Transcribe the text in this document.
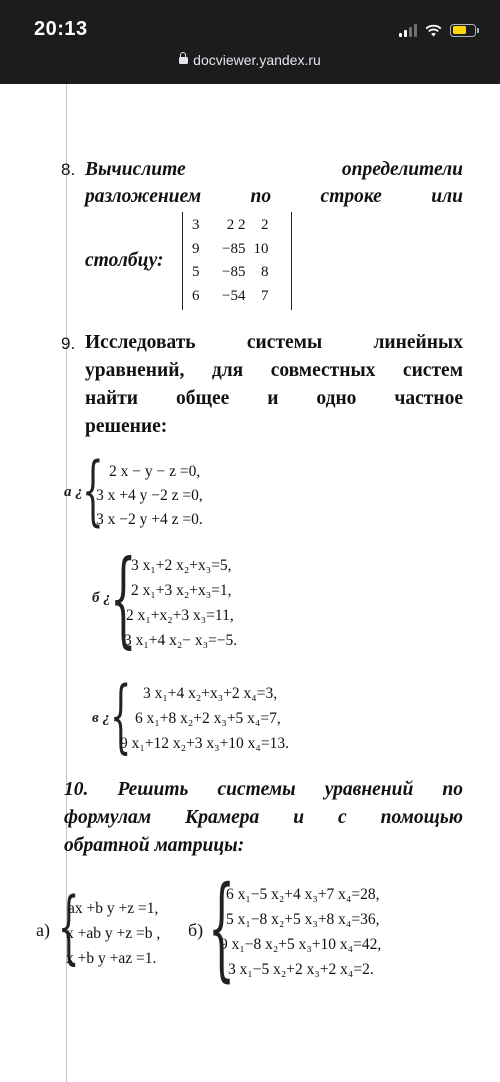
20:13
docviewer.yandex.ru
8. Вычислите	определители
разложением	по	строке	или
столбцу:
3	2 2	2
9	−85	10
5	−85	8
6	−54	7
9. Исследовать	системы	линейных
уравнений, для совместных систем
найти общее и одно частное
решение:
а ¿ { 2 x − y − z =0,
3 x +4 y −2 z =0,
3 x −2 y +4 z =0.
б ¿ {
3 x₁+2 x₂+x₃=5,
2 x₁+3 x₂+x₃=1,
2 x₁+x₂+3 x₃=11,
3 x₁+4 x₂− x₃=−5.
в ¿ { 3 x₁+4 x₂+x₃+2 x₄=3,
6 x₁+8 x₂+2 x₃+5 x₄=7,
9 x₁+12 x₂+3 x₃+10 x₄=13.
10. Решить системы уравнений по
формулам Крамера и с помощью
обратной матрицы:
а) {
ax +b y +z =1,
x +ab y +z =b ,
x +b y +az =1.
б) {
6 x₁−5 x₂+4 x₃+7 x₄=28,
5 x₁−8 x₂+5 x₃+8 x₄=36,
9 x₁−8 x₂+5 x₃+10 x₄=42,
3 x₁−5 x₂+2 x₃+2 x₄=2.
